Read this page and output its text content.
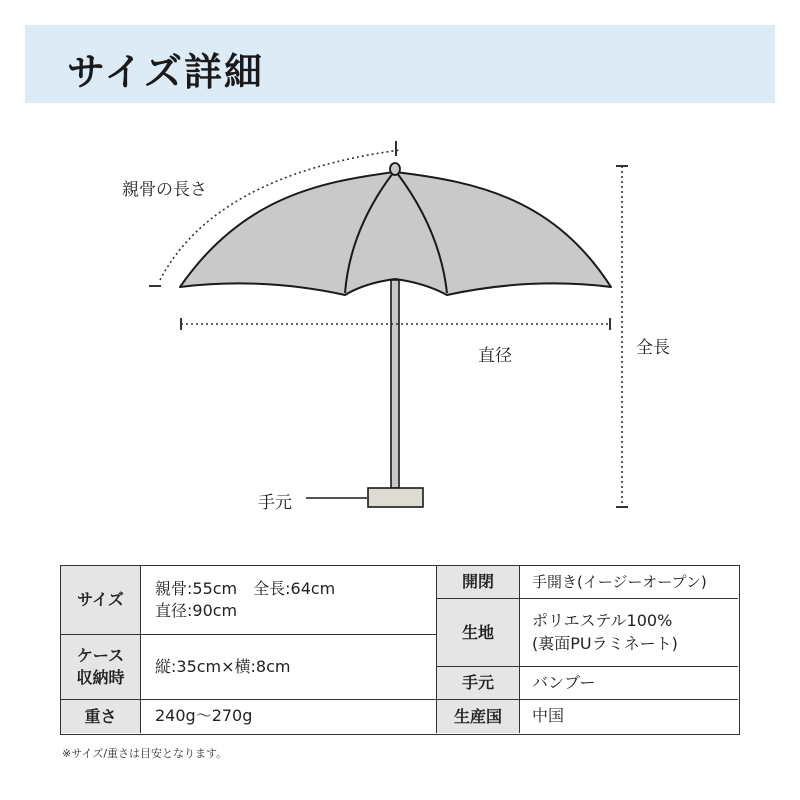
サイズ詳細
親骨の長さ
直径	全長
手元
サイズ
ケース
収納時
重さ
親骨:55cm　全長:64cm
直径:90cm
縦:35cm×横:8cm
240g〜270g
開閉
生地
手元
生産国
手開き(イージーオープン)
ポリエステル100%
(裏面PUラミネート)
バンブー
中国
※サイズ/重さは目安となります。
